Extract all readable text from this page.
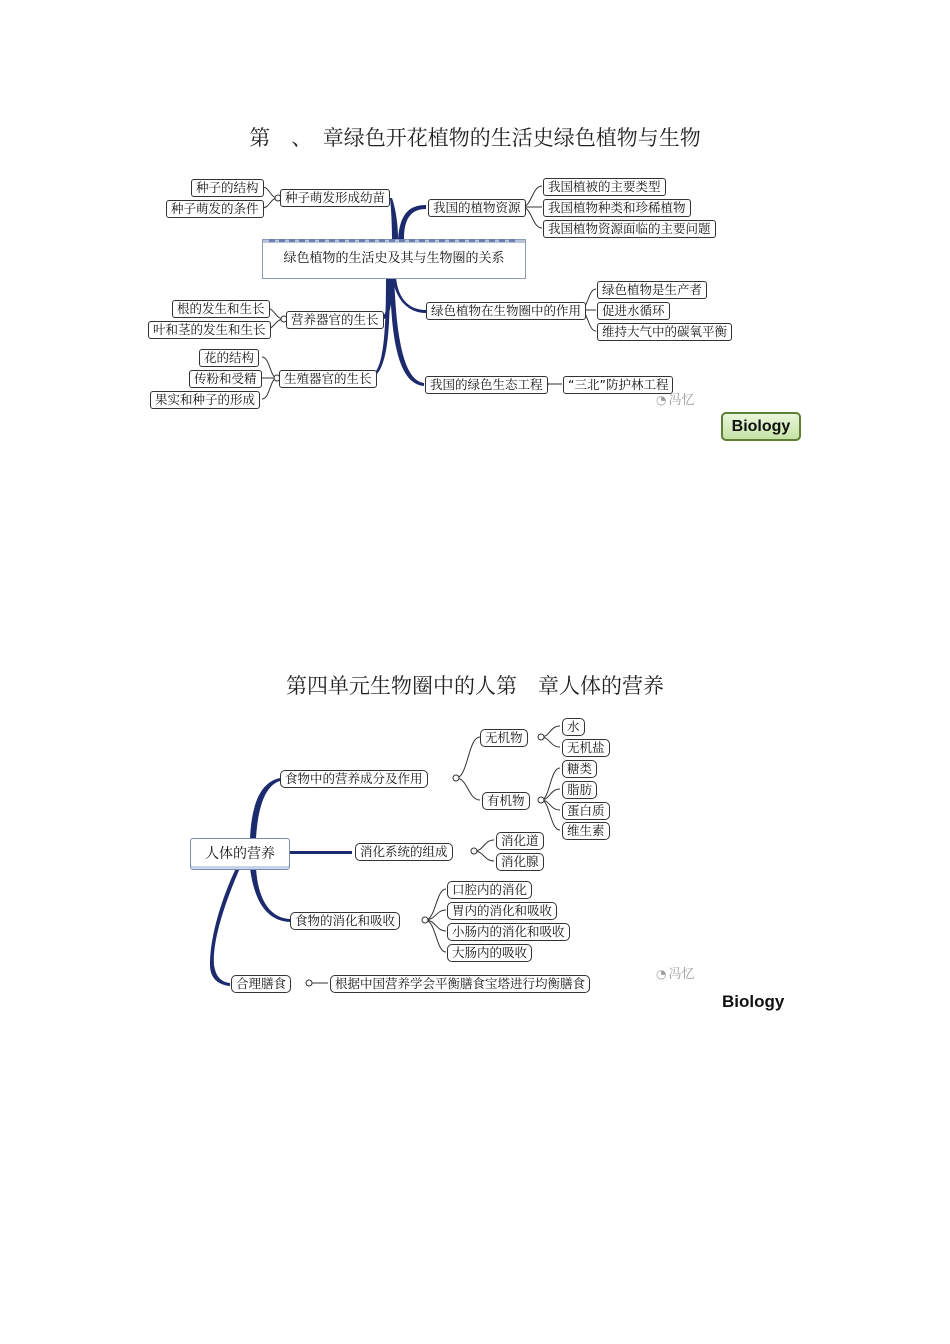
第　、　章绿色开花植物的生活史绿色植物与生物
绿色植物的生活史及其与生物圈的关系
种子萌发形成幼苗
种子的结构
种子萌发的条件	我国的植物资源
我国植被的主要类型
我国植物种类和珍稀植物
我国植物资源面临的主要问题
营养器官的生长
根的发生和生长
叶和茎的发生和生长
绿色植物在生物圈中的作用
绿色植物是生产者
促进水循环
维持大气中的碳氧平衡
生殖器官的生长
花的结构
传粉和受精
果实和种子的形成
我国的绿色生态工程	“三北”防护林工程
◔ 冯忆
Biology
第四单元生物圈中的人第　章人体的营养
人体的营养
食物中的营养成分及作用
无机物
水
无机盐
有机物
糖类
脂肪
蛋白质
维生素
消化系统的组成
消化道
消化腺
食物的消化和吸收
口腔内的消化
胃内的消化和吸收
小肠内的消化和吸收
大肠内的吸收
合理膳食	根据中国营养学会平衡膳食宝塔进行均衡膳食
◔ 冯忆
Biology
